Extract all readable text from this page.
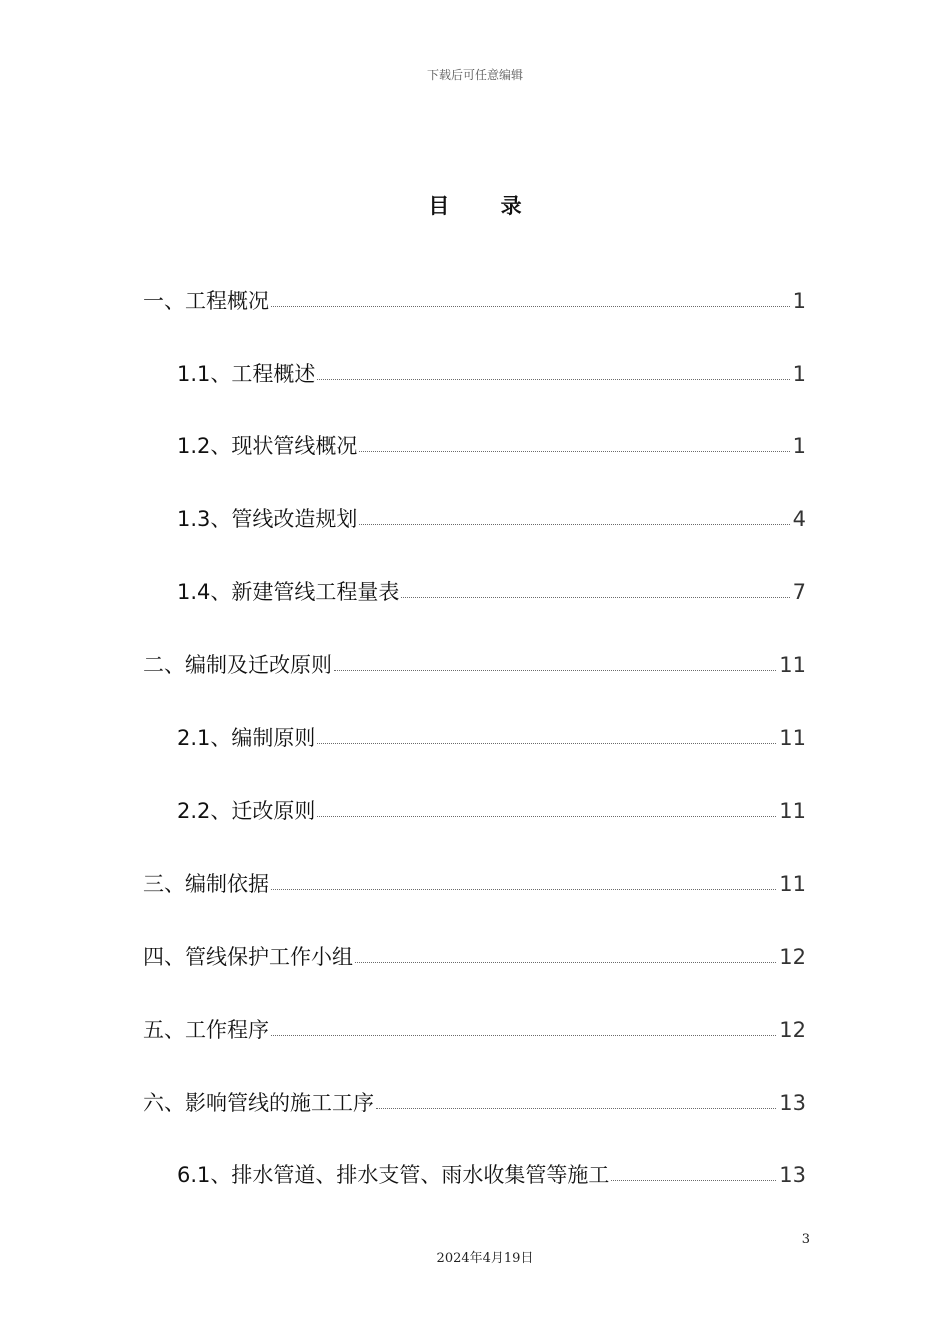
下载后可任意编辑
目 录
一、工程概况	1
1.1、工程概述	1
1.2、现状管线概况	1
1.3、管线改造规划	4
1.4、新建管线工程量表	7
二、编制及迁改原则	11
2.1、编制原则	11
2.2、迁改原则	11
三、编制依据	11
四、管线保护工作小组	12
五、工作程序	12
六、影响管线的施工工序	13
6.1、排水管道、排水支管、雨水收集管等施工	13
3
2024年4月19日
